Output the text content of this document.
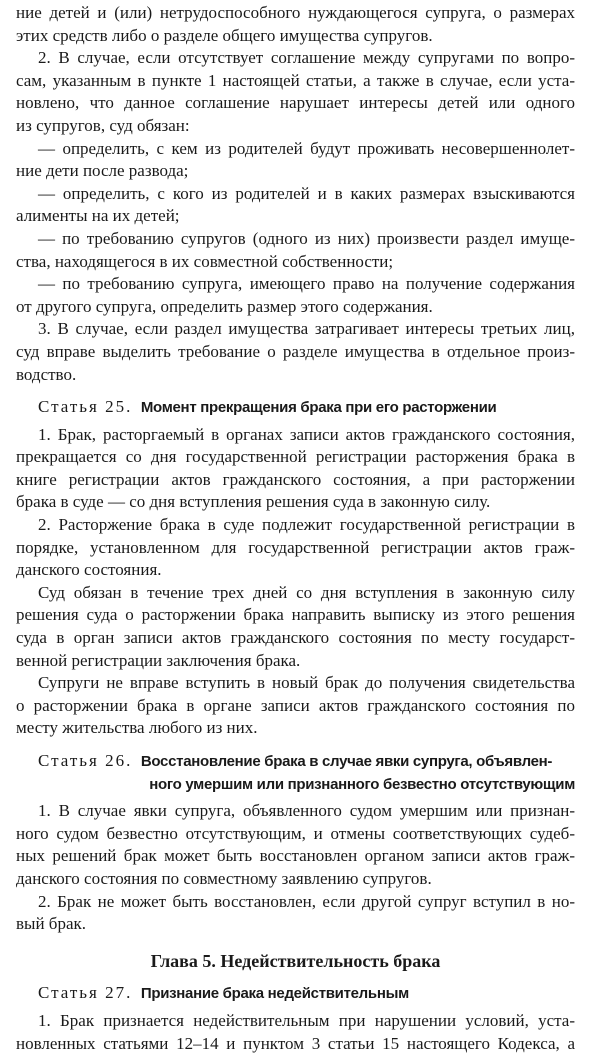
ние детей и (или) нетрудоспособного нуждающегося супруга, о размерах
этих средств либо о разделе общего имущества супругов.
2. В случае, если отсутствует соглашение между супругами по вопро-
сам, указанным в пункте 1 настоящей статьи, а также в случае, если уста-
новлено, что данное соглашение нарушает интересы детей или одного
из супругов, суд обязан:
— определить, с кем из родителей будут проживать несовершеннолет-
ние дети после развода;
— определить, с кого из родителей и в каких размерах взыскиваются
алименты на их детей;
— по требованию супругов (одного из них) произвести раздел имуще-
ства, находящегося в их совместной собственности;
— по требованию супруга, имеющего право на получение содержания
от другого супруга, определить размер этого содержания.
3. В случае, если раздел имущества затрагивает интересы третьих лиц,
суд вправе выделить требование о разделе имущества в отдельное произ-
водство.
Статья 25. Момент прекращения брака при его расторжении
1. Брак, расторгаемый в органах записи актов гражданского состояния,
прекращается со дня государственной регистрации расторжения брака в
книге регистрации актов гражданского состояния, а при расторжении
брака в суде — со дня вступления решения суда в законную силу.
2. Расторжение брака в суде подлежит государственной регистрации в
порядке, установленном для государственной регистрации актов граж-
данского состояния.
Суд обязан в течение трех дней со дня вступления в законную силу
решения суда о расторжении брака направить выписку из этого решения
суда в орган записи актов гражданского состояния по месту государст-
венной регистрации заключения брака.
Супруги не вправе вступить в новый брак до получения свидетельства
о расторжении брака в органе записи актов гражданского состояния по
месту жительства любого из них.
Статья 26. Восстановление брака в случае явки супруга, объявлен-
ного умершим или признанного безвестно отсутствующим
1. В случае явки супруга, объявленного судом умершим или признан-
ного судом безвестно отсутствующим, и отмены соответствующих судеб-
ных решений брак может быть восстановлен органом записи актов граж-
данского состояния по совместному заявлению супругов.
2. Брак не может быть восстановлен, если другой супруг вступил в но-
вый брак.
Глава 5. Недействительность брака
Статья 27. Признание брака недействительным
1. Брак признается недействительным при нарушении условий, уста-
новленных статьями 12–14 и пунктом 3 статьи 15 настоящего Кодекса, а
